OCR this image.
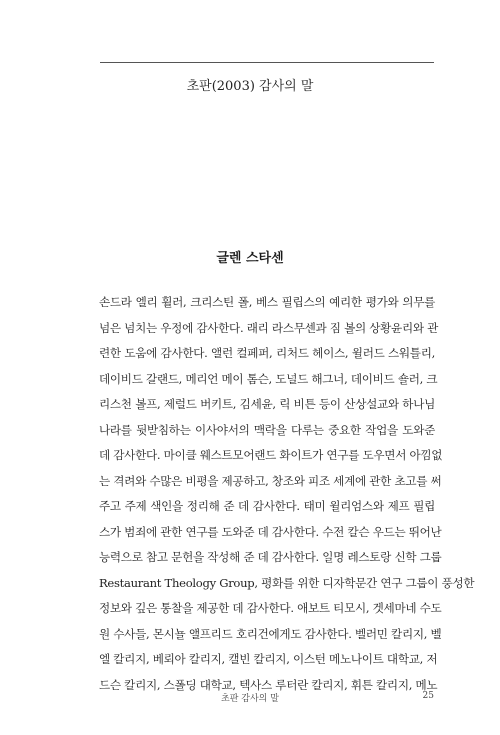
초판(2003) 감사의 말
글렌 스타센
손드라 엘리 휠러, 크리스틴 폴, 베스 필립스의 예리한 평가와 의무를
넘은 넘치는 우정에 감사한다. 래리 라스무센과 짐 볼의 상황윤리와 관
련한 도움에 감사한다. 앨런 컬페퍼, 리처드 헤이스, 윌러드 스워틀리,
데이비드 갈랜드, 메리언 메이 톰슨, 도널드 해그너, 데이비드 숄러, 크
리스천 볼프, 제럴드 버키트, 김세윤, 릭 비튼 등이 산상설교와 하나님
나라를 뒷받침하는 이사야서의 맥락을 다루는 중요한 작업을 도와준
데 감사한다. 마이클 웨스트모어랜드 화이트가 연구를 도우면서 아낌없
는 격려와 수많은 비평을 제공하고, 창조와 피조 세계에 관한 초고를 써
주고 주제 색인을 정리해 준 데 감사한다. 태미 윌리엄스와 제프 필립
스가 범죄에 관한 연구를 도와준 데 감사한다. 수전 칼슨 우드는 뛰어난
능력으로 참고 문헌을 작성해 준 데 감사한다. 일명 레스토랑 신학 그룹
Restaurant Theology Group, 평화를 위한 디자학문간 연구 그룹이 풍성한
정보와 깊은 통찰을 제공한 데 감사한다. 애보트 티모시, 겟세마네 수도
원 수사들, 몬시뇰 앨프리드 호리건에게도 감사한다. 벨러민 칼리지, 벨
엘 칼리지, 베뢰아 칼리지, 캘빈 칼리지, 이스턴 메노나이트 대학교, 저
드슨 칼리지, 스폴딩 대학교, 텍사스 루터란 칼리지, 휘튼 칼리지, 메노
초판 감사의 말	25
